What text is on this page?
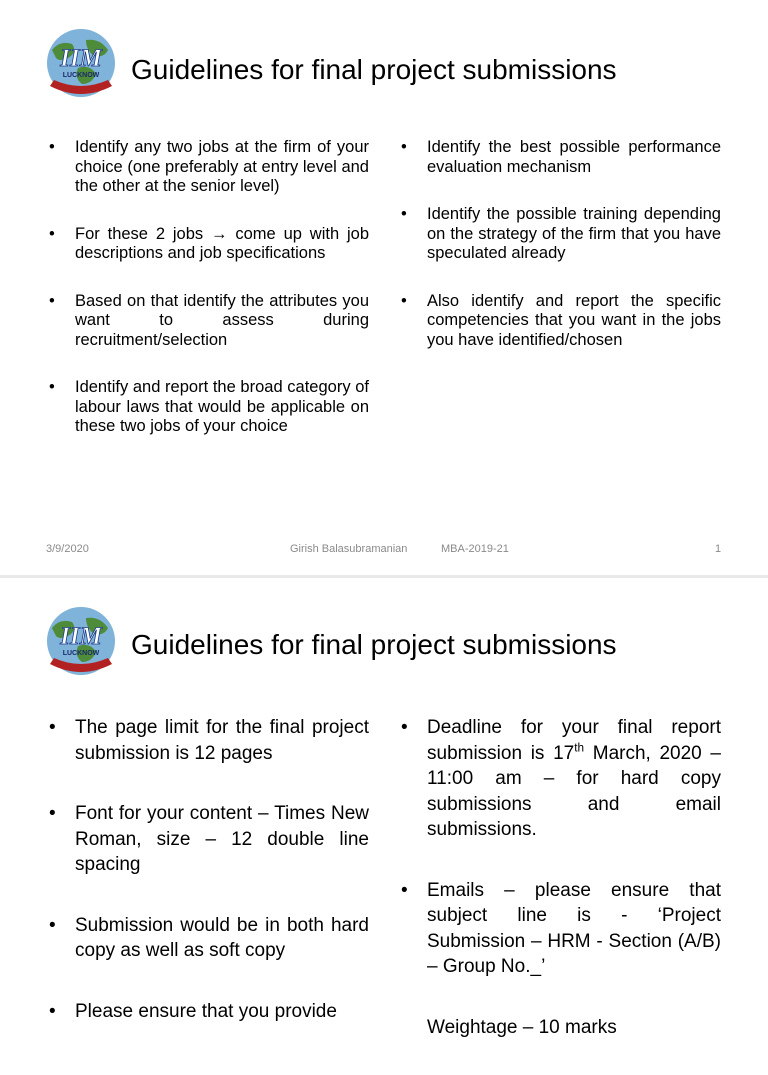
IIM
LUCKNOW Guidelines for final project submissions
• Identify any two jobs at the firm of your choice (one preferably at entry level and the other at the senior level)
• For these 2 jobs → come up with job descriptions and job specifications
• Based on that identify the attributes you want to assess during recruitment/selection
• Identify and report the broad category of labour laws that would be applicable on these two jobs of your choice
• Identify the best possible performance evaluation mechanism
• Identify the possible training depending on the strategy of the firm that you have speculated already
• Also identify and report the specific competencies that you want in the jobs you have identified/chosen
3/9/2020	Girish Balasubramanian	MBA-2019-21	1
IIM
LUCKNOW Guidelines for final project submissions
• The page limit for the final project submission is 12 pages
• Font for your content – Times New Roman, size – 12 double line spacing
• Submission would be in both hard copy as well as soft copy
• Please ensure that you provide
• Deadline for your final report submission is 17th March, 2020 – 11:00 am – for hard copy submissions and email submissions.
• Emails – please ensure that subject line is - ‘Project Submission – HRM - Section (A/B) – Group No._’
Weightage – 10 marks
